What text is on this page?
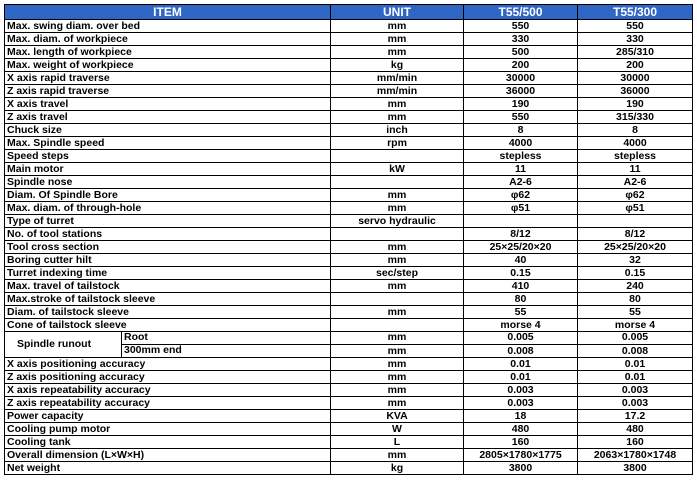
ITEM		UNIT	T55/500	T55/300
Max. swing diam. over bed		mm	550	550
Max. diam. of workpiece		mm	330	330
Max. length of workpiece		mm	500	285/310
Max. weight of workpiece		kg	200	200
X axis rapid traverse		mm/min	30000	30000
Z axis rapid traverse		mm/min	36000	36000
X axis travel		mm	190	190
Z axis travel		mm	550	315/330
Chuck size		inch	8	8
Max. Spindle speed		rpm	4000	4000
Speed steps			stepless	stepless
Main motor		kW	11	11
Spindle nose			A2-6	A2-6
Diam. Of Spindle Bore		mm	φ62	φ62
Max. diam. of through-hole		mm	φ51	φ51
Type of turret		servo hydraulic		
No. of tool stations			8/12	8/12
Tool cross section		mm	25×25/20×20	25×25/20×20
Boring cutter hilt		mm	40	32
Turret indexing time		sec/step	0.15	0.15
Max. travel of tailstock		mm	410	240
Max.stroke of tailstock sleeve			80	80
Diam. of tailstock sleeve		mm	55	55
Cone of tailstock sleeve			morse 4	morse 4
Spindle runout	Root	mm	0.005	0.005
	300mm end	mm	0.008	0.008
X axis positioning accuracy		mm	0.01	0.01
Z axis positioning accuracy		mm	0.01	0.01
X axis repeatability accuracy		mm	0.003	0.003
Z axis repeatability accuracy		mm	0.003	0.003
Power capacity		KVA	18	17.2
Cooling pump motor		W	480	480
Cooling tank		L	160	160
Overall dimension (L×W×H)		mm	2805×1780×1775	2063×1780×1748
Net weight		kg	3800	3800
